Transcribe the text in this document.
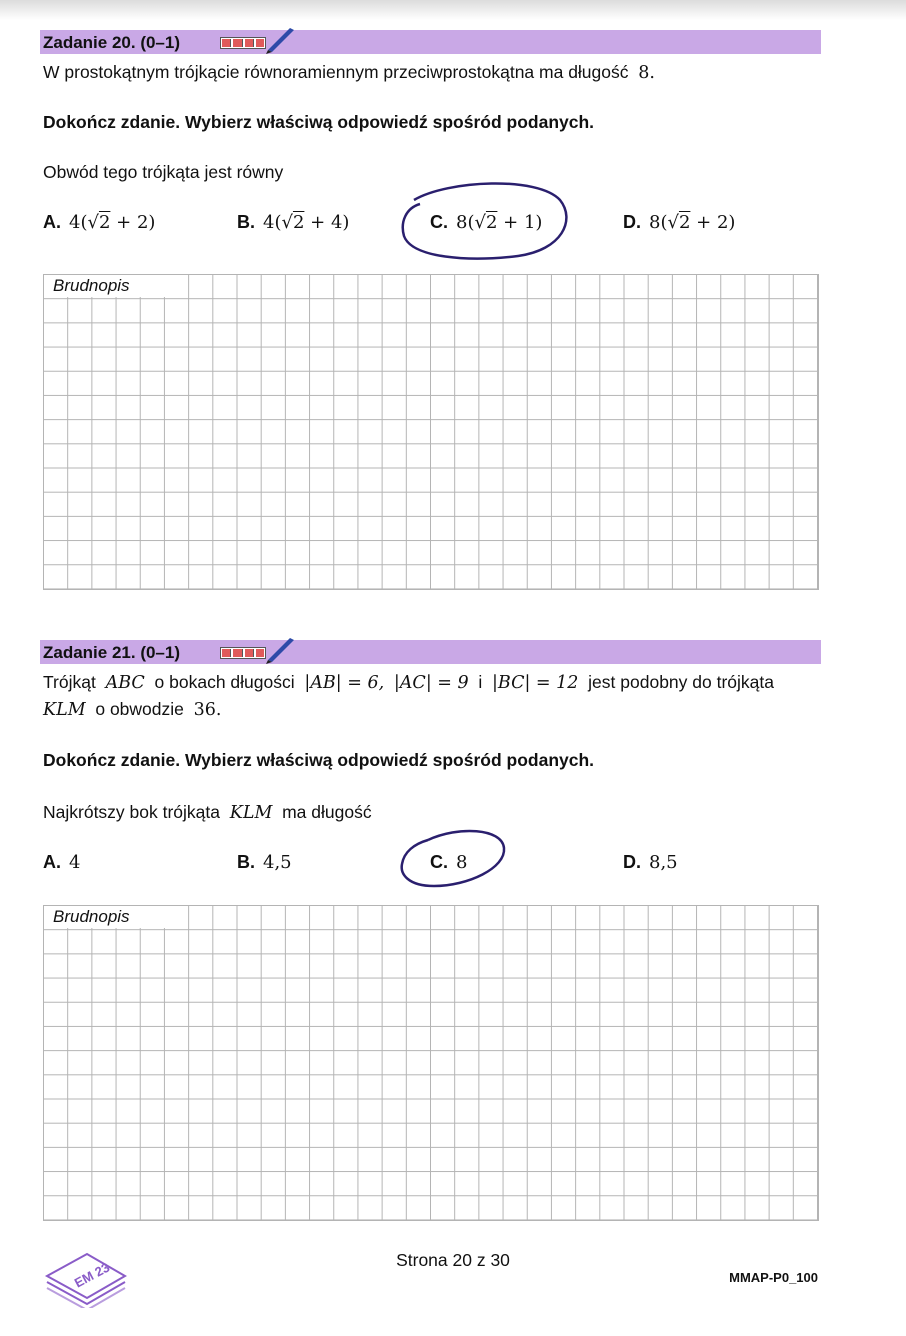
Zadanie 20. (0–1)
W prostokątnym trójkącie równoramiennym przeciwprostokątna ma długość 8.
Dokończ zdanie. Wybierz właściwą odpowiedź spośród podanych.
Obwód tego trójkąta jest równy
A. 4(√2 + 2)	B. 4(√2 + 4)	C. 8(√2 + 1)	D. 8(√2 + 2)
Brudnopis
Zadanie 21. (0–1)
Trójkąt ABC o bokach długości |AB| = 6, |AC| = 9 i |BC| = 12 jest podobny do trójkąta
KLM o obwodzie 36.
Dokończ zdanie. Wybierz właściwą odpowiedź spośród podanych.
Najkrótszy bok trójkąta KLM ma długość
A. 4	B. 4,5	C. 8	D. 8,5
Brudnopis
EM 23	Strona 20 z 30
MMAP-P0_100
